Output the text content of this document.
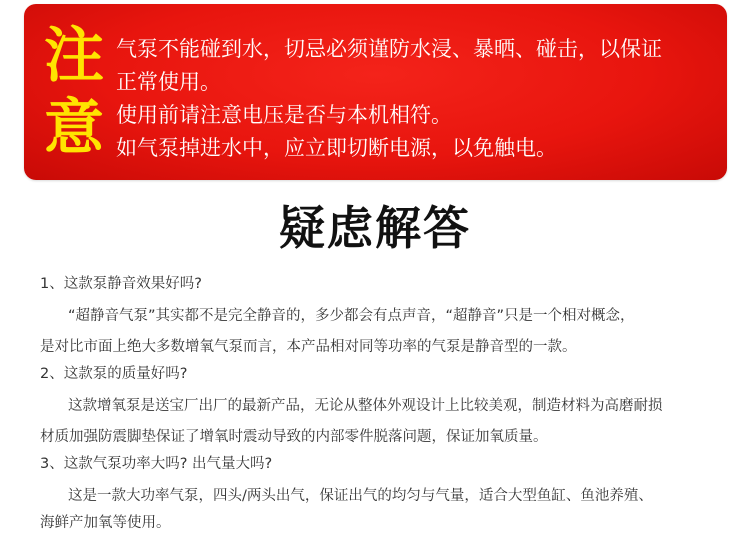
注
意
气泵不能碰到水，切忌必须谨防水浸、暴晒、碰击，以保证
正常使用。
使用前请注意电压是否与本机相符。
如气泵掉进水中，应立即切断电源，以免触电。
疑虑解答
1、这款泵静音效果好吗?
“超静音气泵”其实都不是完全静音的，多少都会有点声音，“超静音”只是一个相对概念，
是对比市面上绝大多数增氧气泵而言，本产品相对同等功率的气泵是静音型的一款。
2、这款泵的质量好吗?
这款增氧泵是送宝厂出厂的最新产品，无论从整体外观设计上比较美观，制造材料为高磨耐损
材质加强防震脚垫保证了增氧时震动导致的内部零件脱落问题，保证加氧质量。
3、这款气泵功率大吗? 出气量大吗?
这是一款大功率气泵，四头/两头出气，保证出气的均匀与气量，适合大型鱼缸、鱼池养殖、
海鲜产加氧等使用。
